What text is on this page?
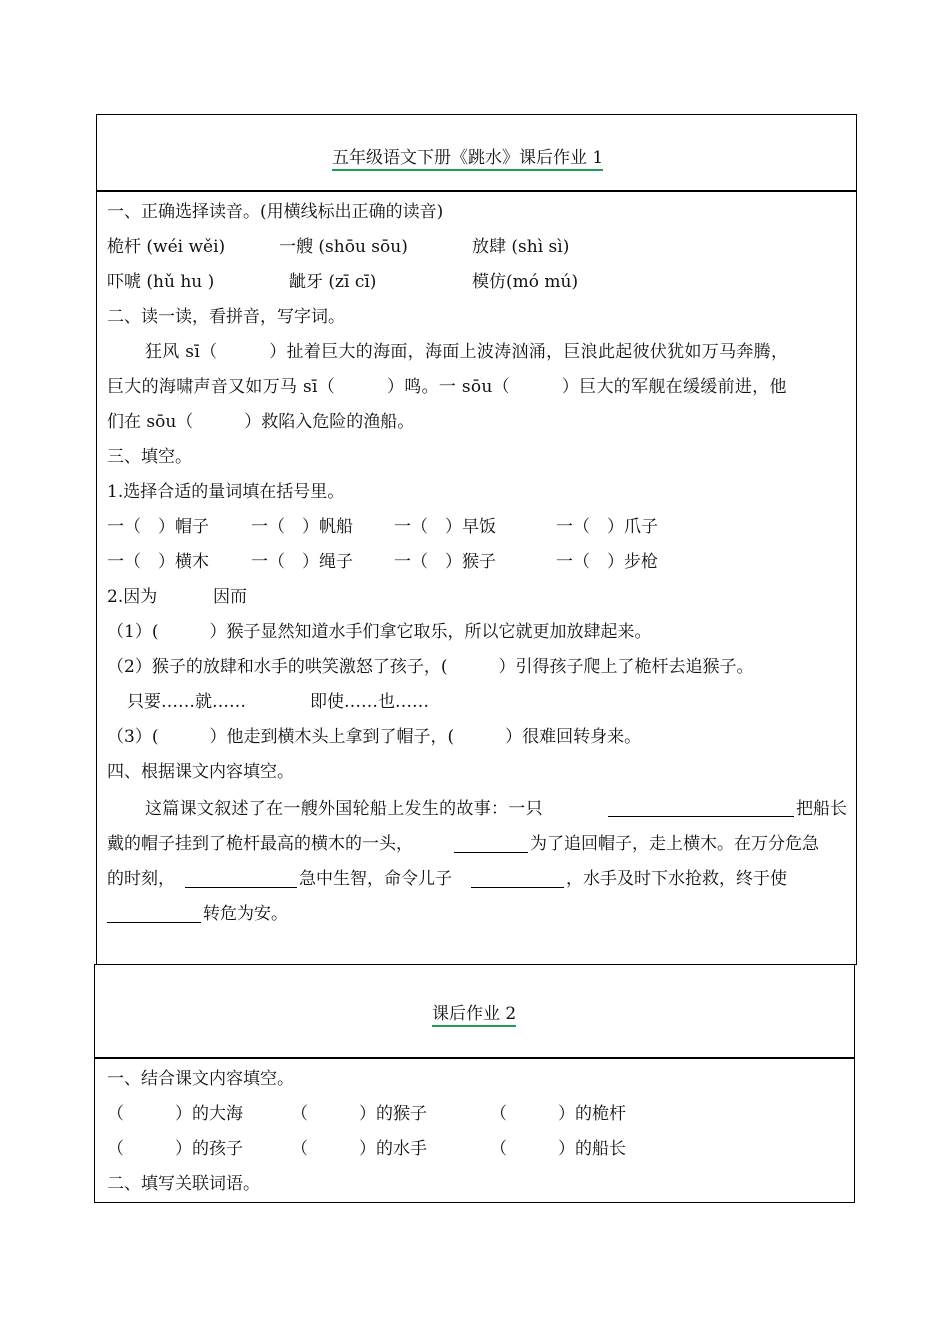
五年级语文下册《跳水》课后作业 1
一、正确选择读音。(用横线标出正确的读音)
桅杆 (wéi wěi)	一艘 (shōu sōu)	放肆 (shì sì)
吓唬 (hǔ hu )	龇牙 (zī cī)	模仿(mó mú)
二、读一读，看拼音，写字词。
狂风 sī（　　　）扯着巨大的海面，海面上波涛汹涌，巨浪此起彼伏犹如万马奔腾，
巨大的海啸声音又如万马 sī（　　　）鸣。一 sōu（　　　）巨大的军舰在缓缓前进，他
们在 sōu（　　　）救陷入危险的渔船。
三、填空。
1.选择合适的量词填在括号里。
一（　）帽子 一（　）帆船 一（　）早饭	一（　）爪子
一（　）横木 一（　）绳子 一（　）猴子	一（　）步枪
2.因为	因而
（1）(　　　）猴子显然知道水手们拿它取乐，所以它就更加放肆起来。
（2）猴子的放肆和水手的哄笑激怒了孩子，(　　　）引得孩子爬上了桅杆去追猴子。
只要……就……	即使……也……
（3）(　　　）他走到横木头上拿到了帽子，(　　　）很难回转身来。
四、根据课文内容填空。
这篇课文叙述了在一艘外国轮船上发生的故事：一只	把船长
戴的帽子挂到了桅杆最高的横木的一头，	为了追回帽子，走上横木。在万分危急
的时刻，	急中生智，命令儿子	，水手及时下水抢救，终于使
转危为安。
课后作业 2
一、结合课文内容填空。
（　　　）的大海	（　　　）的猴子	（　　　）的桅杆
（　　　）的孩子	（　　　）的水手	（　　　）的船长
二、填写关联词语。
